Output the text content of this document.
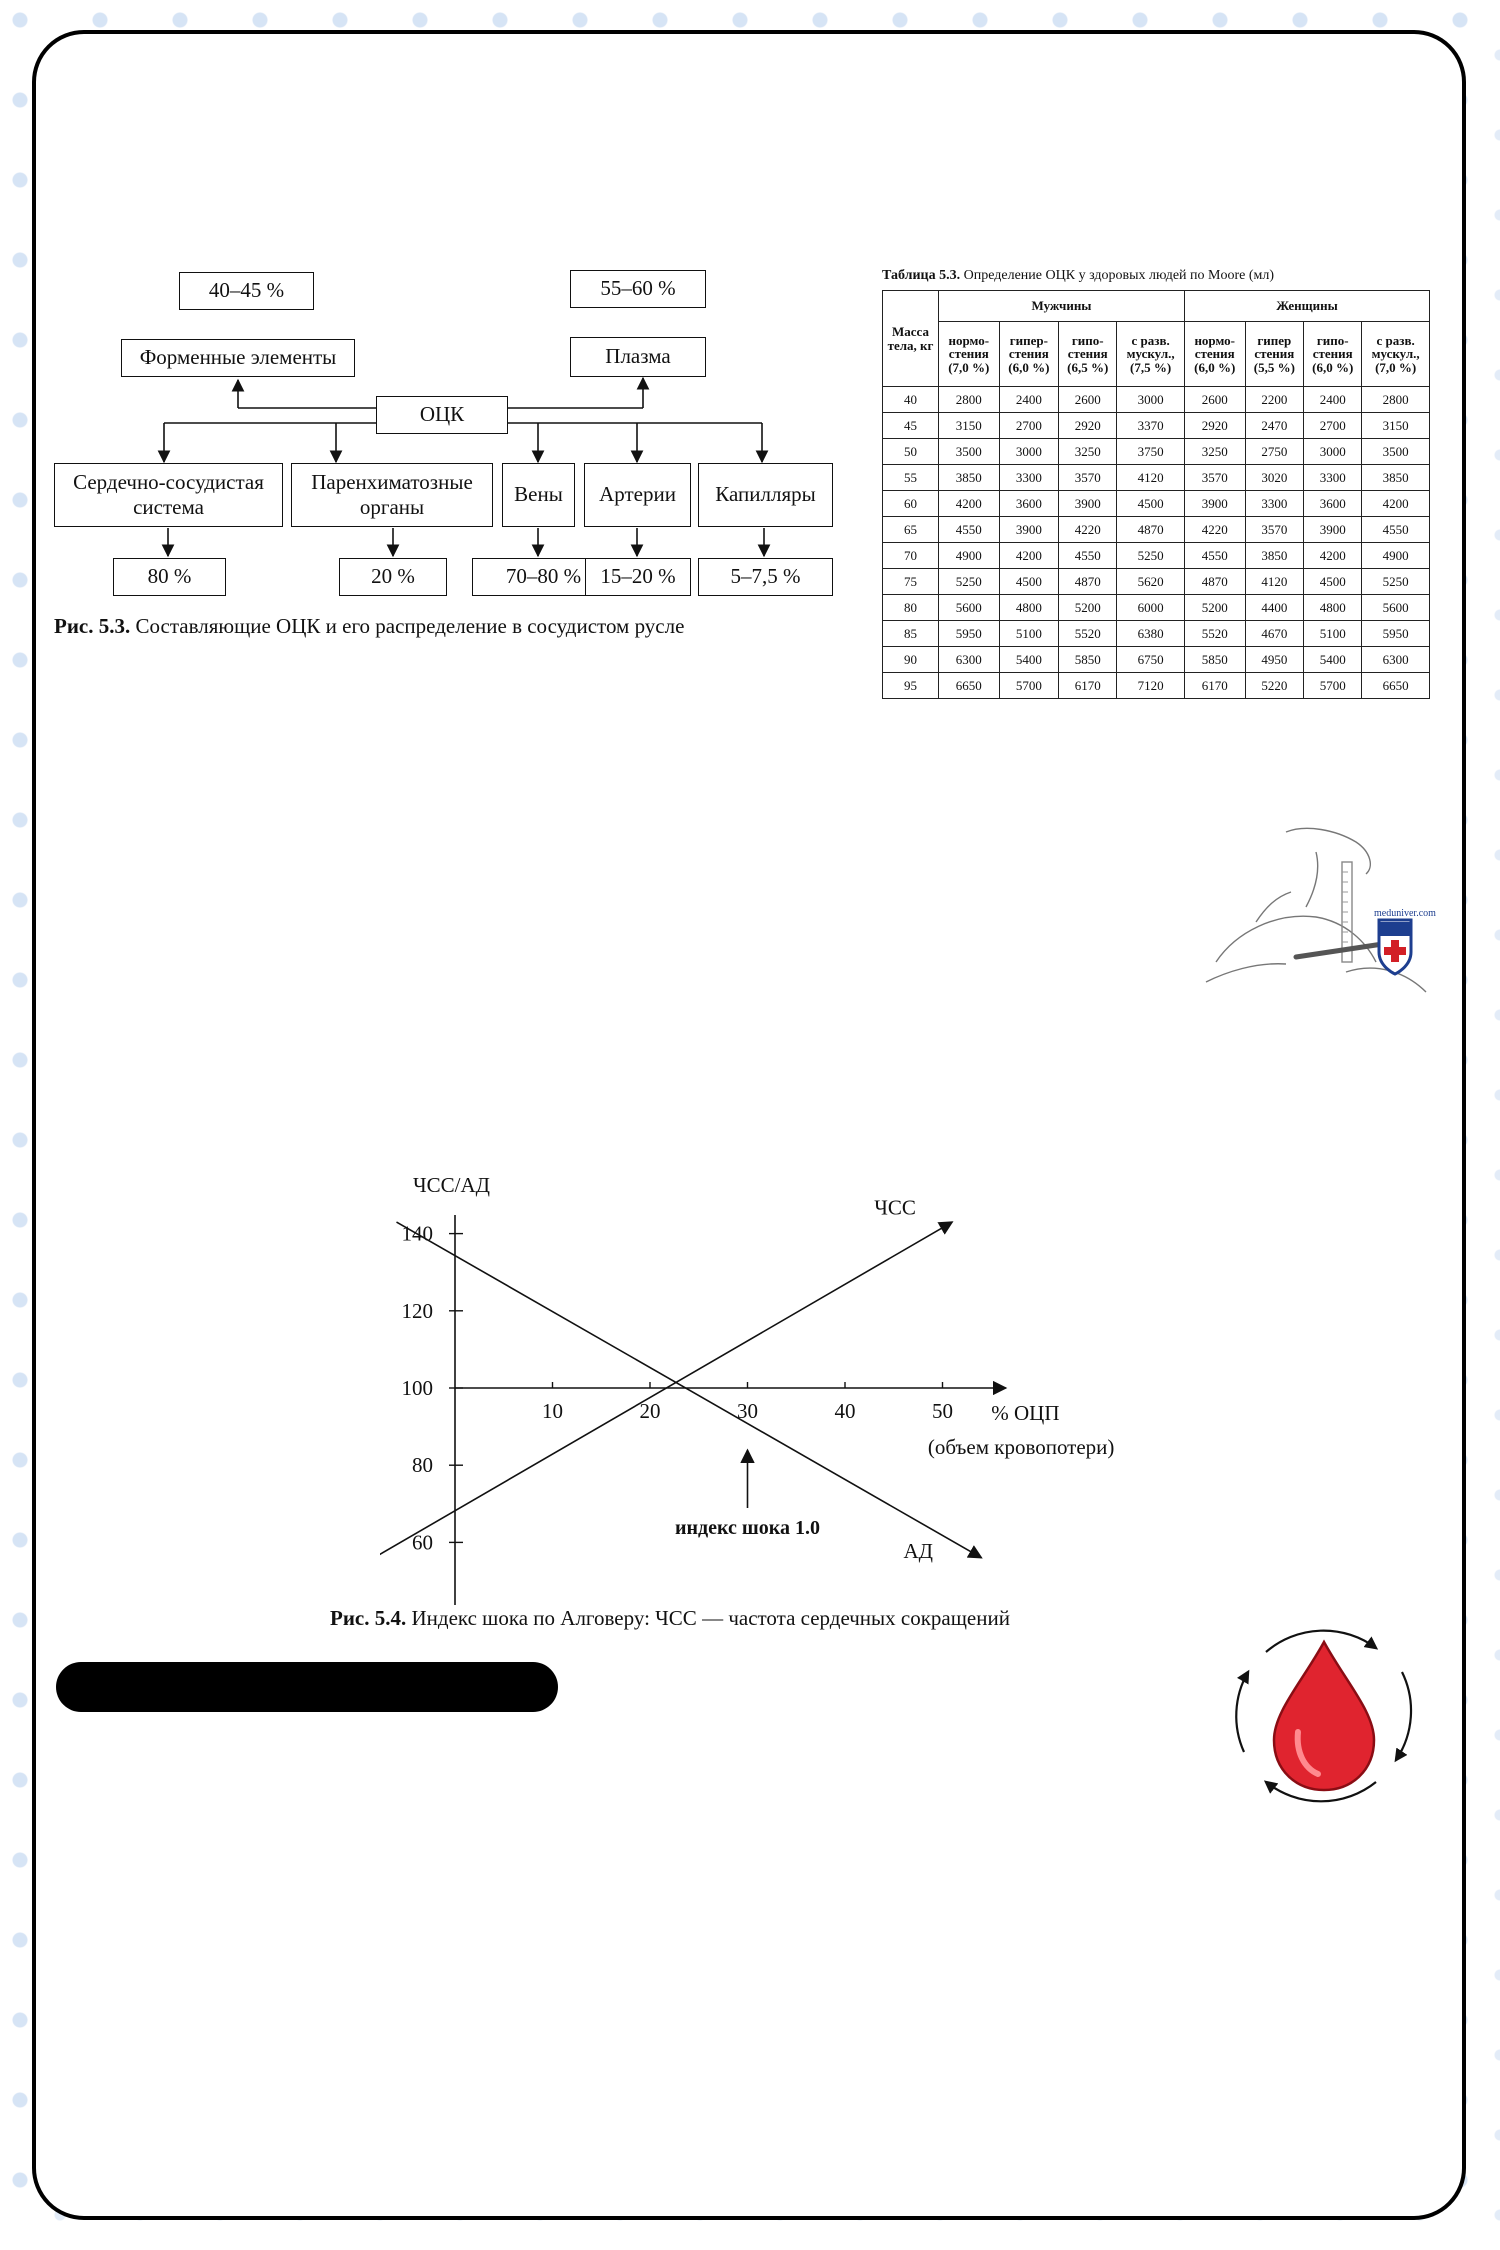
40–45 %	55–60 %
Форменные элементы	Плазма
ОЦК
Сердечно-сосудистая система
Паренхиматозные органы
Вены	Артерии	Капилляры
80 %	20 %	70–80 % 15–20 %	5–7,5 %
Рис. 5.3. Составляющие ОЦК и его распределение в сосудистом русле
Таблица 5.3. Определение ОЦК у здоровых людей по Moore (мл)
Масса тела, кг	Мужчины				Женщины			
	нормо- стения (7,0 %)	гипер- стения (6,0 %)	гипо- стения (6,5 %)	с разв. мускул., (7,5 %)	нормо- стения (6,0 %)	гипер стения (5,5 %)	гипо- стения (6,0 %)	с разв. мускул., (7,0 %)
40	2800	2400	2600	3000	2600	2200	2400	2800
45	3150	2700	2920	3370	2920	2470	2700	3150
50	3500	3000	3250	3750	3250	2750	3000	3500
55	3850	3300	3570	4120	3570	3020	3300	3850
60	4200	3600	3900	4500	3900	3300	3600	4200
65	4550	3900	4220	4870	4220	3570	3900	4550
70	4900	4200	4550	5250	4550	3850	4200	4900
75	5250	4500	4870	5620	4870	4120	4500	5250
80	5600	4800	5200	6000	5200	4400	4800	5600
85	5950	5100	5520	6380	5520	4670	5100	5950
90	6300	5400	5850	6750	5850	4950	5400	6300
95	6650	5700	6170	7120	6170	5220	5700	6650
meduniver.com
140
120
100
80
60
10	20	30	40	50
ЧСС
АД
ЧСС/АД
% ОЦП
(объем кровопотери)
индекс шока 1.0
Рис. 5.4. Индекс шока по Алговеру: ЧСС — частота сердечных сокращений
